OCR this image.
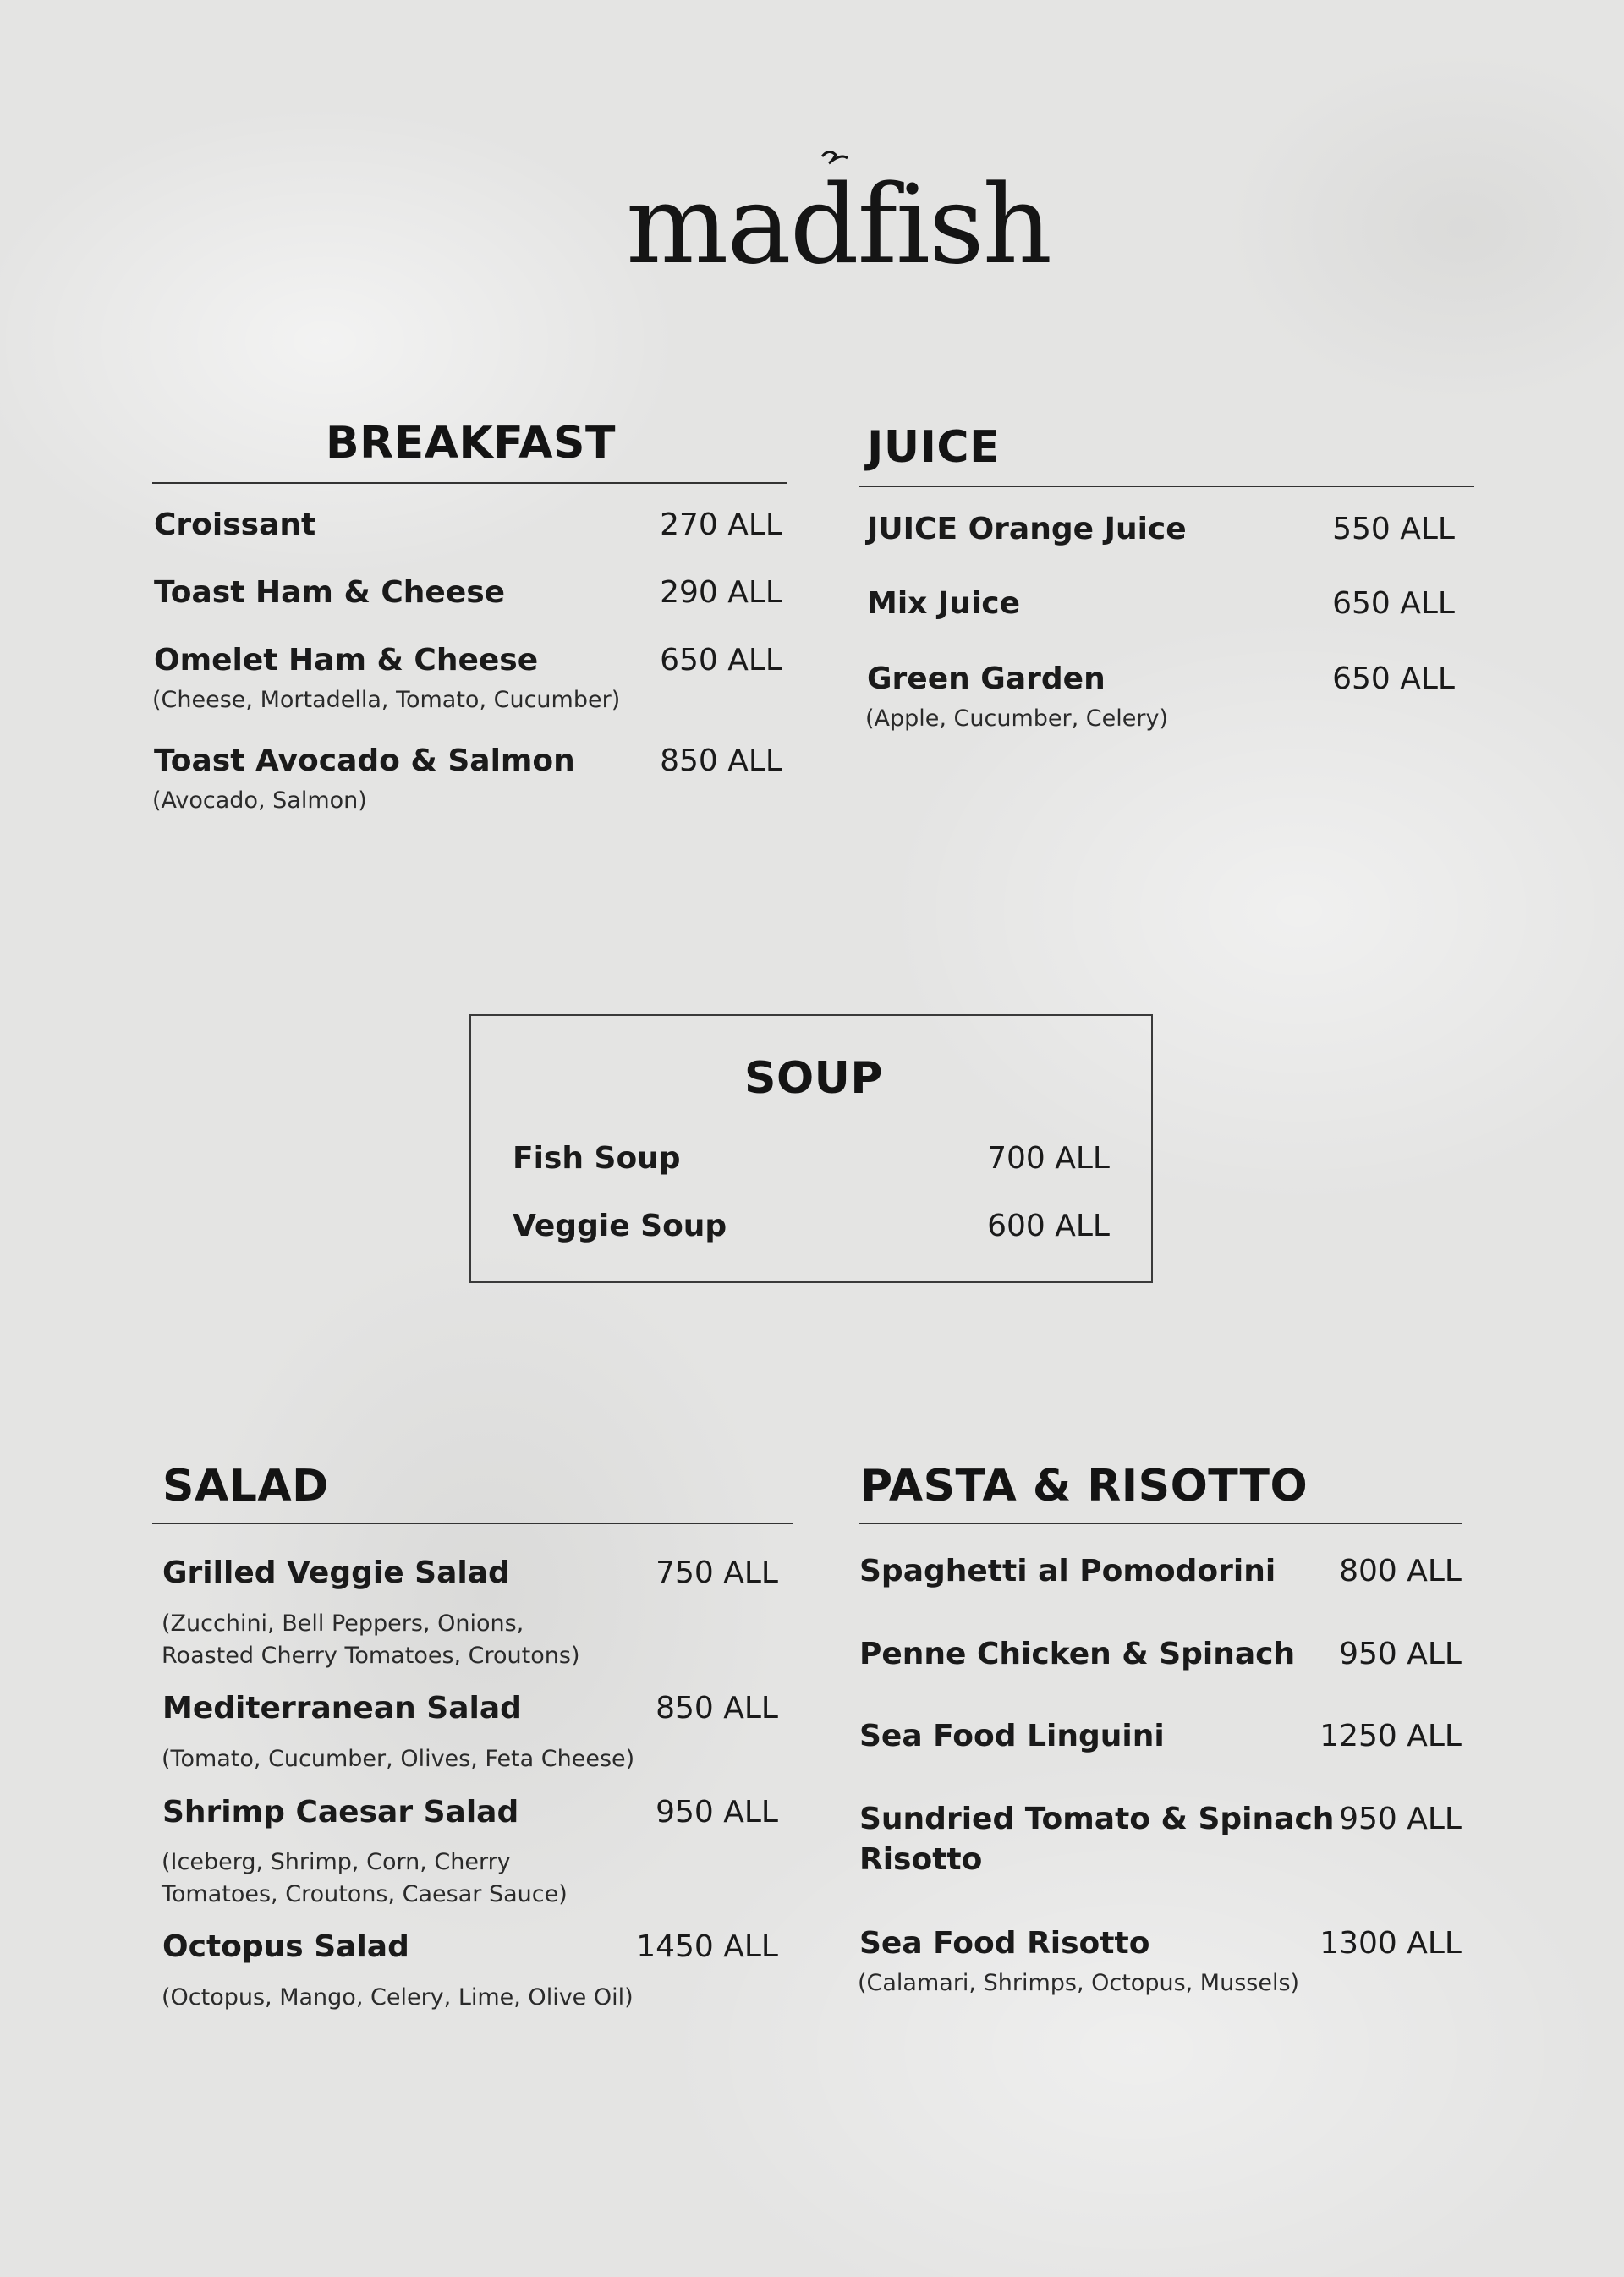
madfish
BREAKFAST
Croissant	270 ALL
Toast Ham & Cheese	290 ALL
Omelet Ham & Cheese	650 ALL
(Cheese, Mortadella, Tomato, Cucumber)
Toast Avocado & Salmon	850 ALL
(Avocado, Salmon)
JUICE
JUICE Orange Juice	550 ALL
Mix Juice	650 ALL
Green Garden	650 ALL
(Apple, Cucumber, Celery)
SOUP
Fish Soup	700 ALL
Veggie Soup	600 ALL
SALAD
Grilled Veggie Salad	750 ALL
(Zucchini, Bell Peppers, Onions,
Roasted Cherry Tomatoes, Croutons)
Mediterranean Salad	850 ALL
(Tomato, Cucumber, Olives, Feta Cheese)
Shrimp Caesar Salad	950 ALL
(Iceberg, Shrimp, Corn, Cherry
Tomatoes, Croutons, Caesar Sauce)
Octopus Salad	1450 ALL
(Octopus, Mango, Celery, Lime, Olive Oil)
PASTA & RISOTTO
Spaghetti al Pomodorini 800 ALL
Penne Chicken & Spinach 950 ALL
Sea Food Linguini	1250 ALL
Sundried Tomato & Spinach
Risotto
950 ALL
Sea Food Risotto	1300 ALL
(Calamari, Shrimps, Octopus, Mussels)
